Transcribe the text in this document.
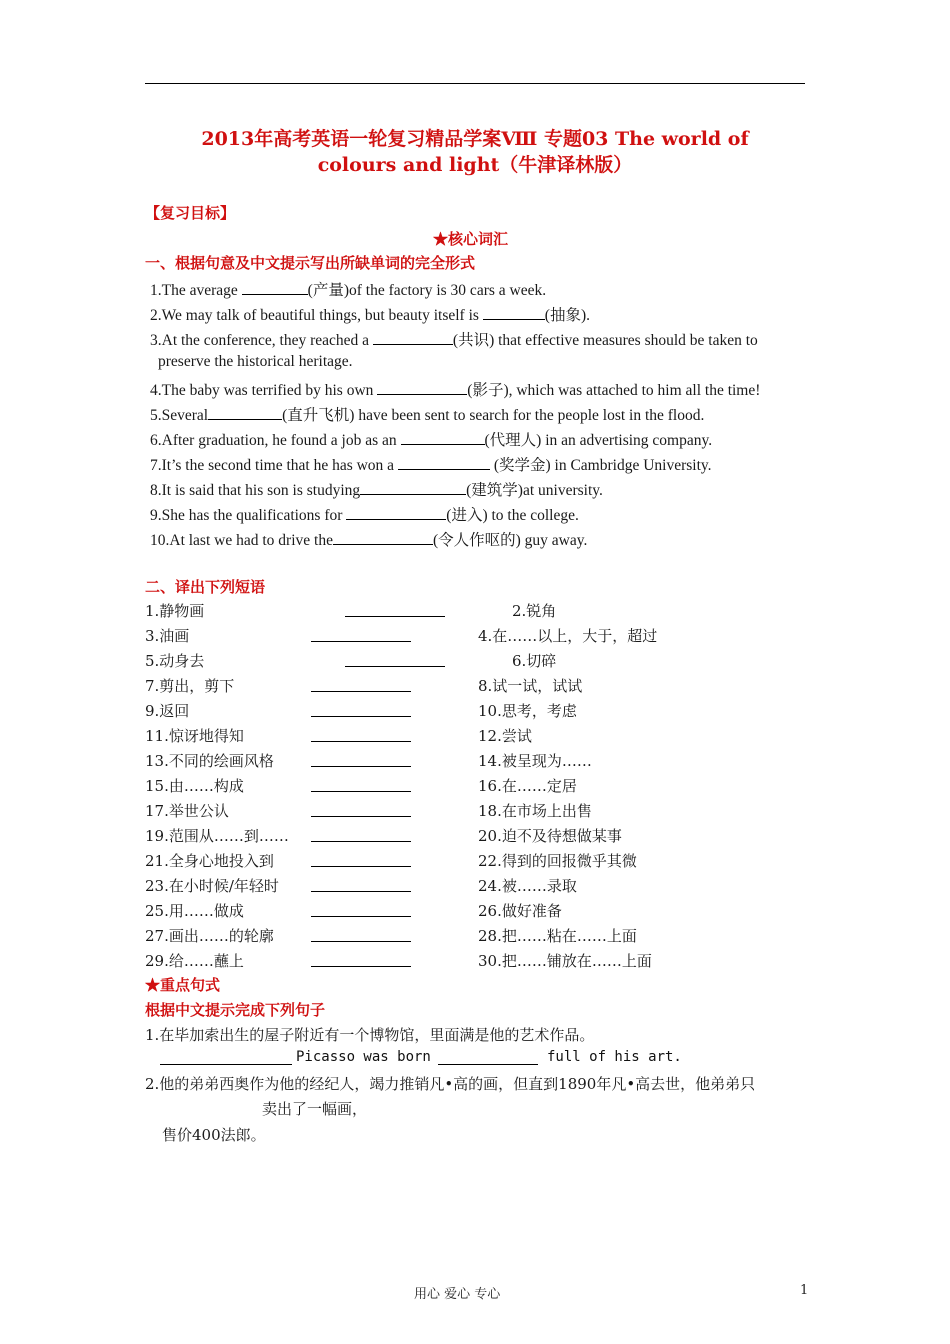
2013年高考英语一轮复习精品学案Ⅷ 专题03 The world of
colours and light（牛津译林版）
【复习目标】
★核心词汇
一、根据句意及中文提示写出所缺单词的完全形式
1.The average	(产量)of the factory is 30 cars a week.
2.We may talk of beautiful things, but beauty itself is	(抽象).
3.At the conference, they reached a	(共识) that effective measures should be taken to
preserve the historical heritage.
4.The baby was terrified by his own	(影子), which was attached to him all the time!
5.Several	(直升飞机) have been sent to search for the people lost in the flood.
6.After graduation, he found a job as an	(代理人) in an advertising company.
7.It’s the second time that he has won a	(奖学金) in Cambridge University.
8.It is said that his son is studying	(建筑学)at university.
9.She has the qualifications for	(进入) to the college.
10.At last we had to drive the	(令人作呕的) guy away.
二、译出下列短语
1.静物画	2.锐角
3.油画	4.在……以上，大于，超过
5.动身去	6.切碎
7.剪出，剪下	8.试一试，试试
9.返回	10.思考，考虑
11.惊讶地得知	12.尝试
13.不同的绘画风格	14.被呈现为……
15.由……构成	16.在……定居
17.举世公认	18.在市场上出售
19.范围从……到……	20.迫不及待想做某事
21.全身心地投入到	22.得到的回报微乎其微
23.在小时候/年轻时	24.被……录取
25.用……做成	26.做好准备
27.画出……的轮廓	28.把……粘在……上面
29.给……蘸上	30.把……铺放在……上面
★重点句式
根据中文提示完成下列句子
1.在毕加索出生的屋子附近有一个博物馆，里面满是他的艺术作品。
Picasso was born	full of his art.
2.他的弟弟西奥作为他的经纪人，竭力推销凡•高的画，但直到1890年凡•高去世，他弟弟只
卖出了一幅画，
售价400法郎。
用心 爱心 专心	1
